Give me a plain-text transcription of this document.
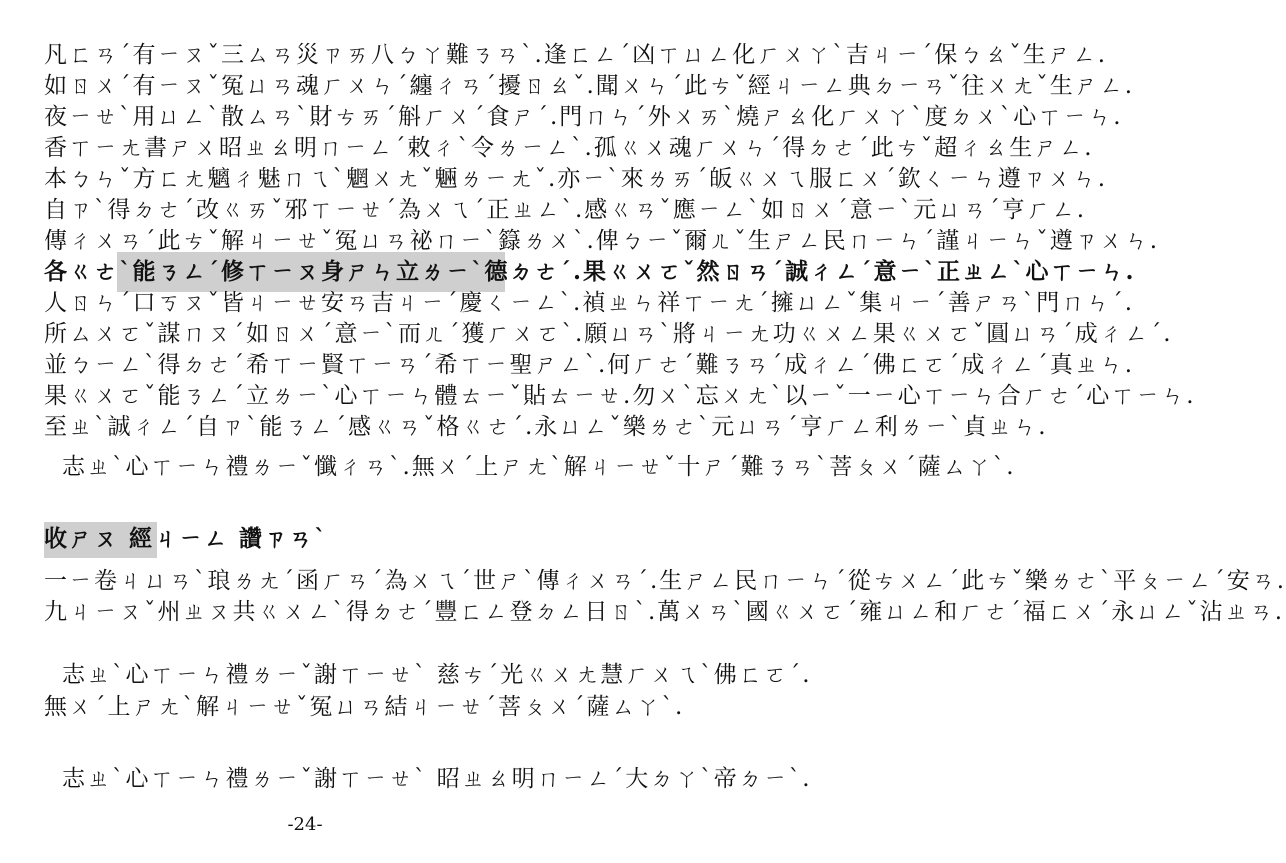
凡ㄈㄢˊ有ㄧㄡˇ三ㄙㄢ災ㄗㄞ八ㄅㄚ難ㄋㄢˋ.逢ㄈㄥˊ凶ㄒㄩㄥ化ㄏㄨㄚˋ吉ㄐㄧˊ保ㄅㄠˇ生ㄕㄥ.
如ㄖㄨˊ有ㄧㄡˇ冤ㄩㄢ魂ㄏㄨㄣˊ纏ㄔㄢˊ擾ㄖㄠˇ.聞ㄨㄣˊ此ㄘˇ經ㄐㄧㄥ典ㄉㄧㄢˇ往ㄨㄤˇ生ㄕㄥ.
夜ㄧㄝˋ用ㄩㄥˋ散ㄙㄢˋ財ㄘㄞˊ斛ㄏㄨˊ食ㄕˊ.門ㄇㄣˊ外ㄨㄞˋ燒ㄕㄠ化ㄏㄨㄚˋ度ㄉㄨˋ心ㄒㄧㄣ.
香ㄒㄧㄤ書ㄕㄨ昭ㄓㄠ明ㄇㄧㄥˊ敕ㄔˋ令ㄌㄧㄥˋ.孤ㄍㄨ魂ㄏㄨㄣˊ得ㄉㄜˊ此ㄘˇ超ㄔㄠ生ㄕㄥ.
本ㄅㄣˇ方ㄈㄤ魑ㄔ魅ㄇㄟˋ魍ㄨㄤˇ魎ㄌㄧㄤˇ.亦ㄧˋ來ㄌㄞˊ皈ㄍㄨㄟ服ㄈㄨˊ欽ㄑㄧㄣ遵ㄗㄨㄣ.
自ㄗˋ得ㄉㄜˊ改ㄍㄞˇ邪ㄒㄧㄝˊ為ㄨㄟˊ正ㄓㄥˋ.感ㄍㄢˇ應ㄧㄥˋ如ㄖㄨˊ意ㄧˋ元ㄩㄢˊ亨ㄏㄥ.
傳ㄔㄨㄢˊ此ㄘˇ解ㄐㄧㄝˇ冤ㄩㄢ祕ㄇㄧˋ籙ㄌㄨˋ.俾ㄅㄧˇ爾ㄦˇ生ㄕㄥ民ㄇㄧㄣˊ謹ㄐㄧㄣˇ遵ㄗㄨㄣ.
各ㄍㄜˋ能ㄋㄥˊ修ㄒㄧㄡ身ㄕㄣ立ㄌㄧˋ德ㄉㄜˊ.果ㄍㄨㄛˇ然ㄖㄢˊ誠ㄔㄥˊ意ㄧˋ正ㄓㄥˋ心ㄒㄧㄣ.
人ㄖㄣˊ口ㄎㄡˇ皆ㄐㄧㄝ安ㄢ吉ㄐㄧˊ慶ㄑㄧㄥˋ.禎ㄓㄣ祥ㄒㄧㄤˊ擁ㄩㄥˇ集ㄐㄧˊ善ㄕㄢˋ門ㄇㄣˊ.
所ㄙㄨㄛˇ謀ㄇㄡˊ如ㄖㄨˊ意ㄧˋ而ㄦˊ獲ㄏㄨㄛˋ.願ㄩㄢˋ將ㄐㄧㄤ功ㄍㄨㄥ果ㄍㄨㄛˇ圓ㄩㄢˊ成ㄔㄥˊ.
並ㄅㄧㄥˋ得ㄉㄜˊ希ㄒㄧ賢ㄒㄧㄢˊ希ㄒㄧ聖ㄕㄥˋ.何ㄏㄜˊ難ㄋㄢˊ成ㄔㄥˊ佛ㄈㄛˊ成ㄔㄥˊ真ㄓㄣ.
果ㄍㄨㄛˇ能ㄋㄥˊ立ㄌㄧˋ心ㄒㄧㄣ體ㄊㄧˇ貼ㄊㄧㄝ.勿ㄨˋ忘ㄨㄤˋ以ㄧˇ一ㄧ心ㄒㄧㄣ合ㄏㄜˊ心ㄒㄧㄣ.
至ㄓˋ誠ㄔㄥˊ自ㄗˋ能ㄋㄥˊ感ㄍㄢˇ格ㄍㄜˊ.永ㄩㄥˇ樂ㄌㄜˋ元ㄩㄢˊ亨ㄏㄥ利ㄌㄧˋ貞ㄓㄣ.
志ㄓˋ心ㄒㄧㄣ禮ㄌㄧˇ懺ㄔㄢˋ.無ㄨˊ上ㄕㄤˋ解ㄐㄧㄝˇ十ㄕˊ難ㄋㄢˋ菩ㄆㄨˊ薩ㄙㄚˋ.
收ㄕㄡ 經ㄐㄧㄥ 讚ㄗㄢˋ
一ㄧ卷ㄐㄩㄢˋ琅ㄌㄤˊ函ㄏㄢˊ為ㄨㄟˊ世ㄕˋ傳ㄔㄨㄢˊ.生ㄕㄥ民ㄇㄧㄣˊ從ㄘㄨㄥˊ此ㄘˇ樂ㄌㄜˋ平ㄆㄧㄥˊ安ㄢ.
九ㄐㄧㄡˇ州ㄓㄡ共ㄍㄨㄥˋ得ㄉㄜˊ豐ㄈㄥ登ㄉㄥ日ㄖˋ.萬ㄨㄢˋ國ㄍㄨㄛˊ雍ㄩㄥ和ㄏㄜˊ福ㄈㄨˊ永ㄩㄥˇ沾ㄓㄢ.
志ㄓˋ心ㄒㄧㄣ禮ㄌㄧˇ謝ㄒㄧㄝˋ 慈ㄘˊ光ㄍㄨㄤ慧ㄏㄨㄟˋ佛ㄈㄛˊ.
無ㄨˊ上ㄕㄤˋ解ㄐㄧㄝˇ冤ㄩㄢ結ㄐㄧㄝˊ菩ㄆㄨˊ薩ㄙㄚˋ.
志ㄓˋ心ㄒㄧㄣ禮ㄌㄧˇ謝ㄒㄧㄝˋ 昭ㄓㄠ明ㄇㄧㄥˊ大ㄉㄚˋ帝ㄉㄧˋ.
-24-
